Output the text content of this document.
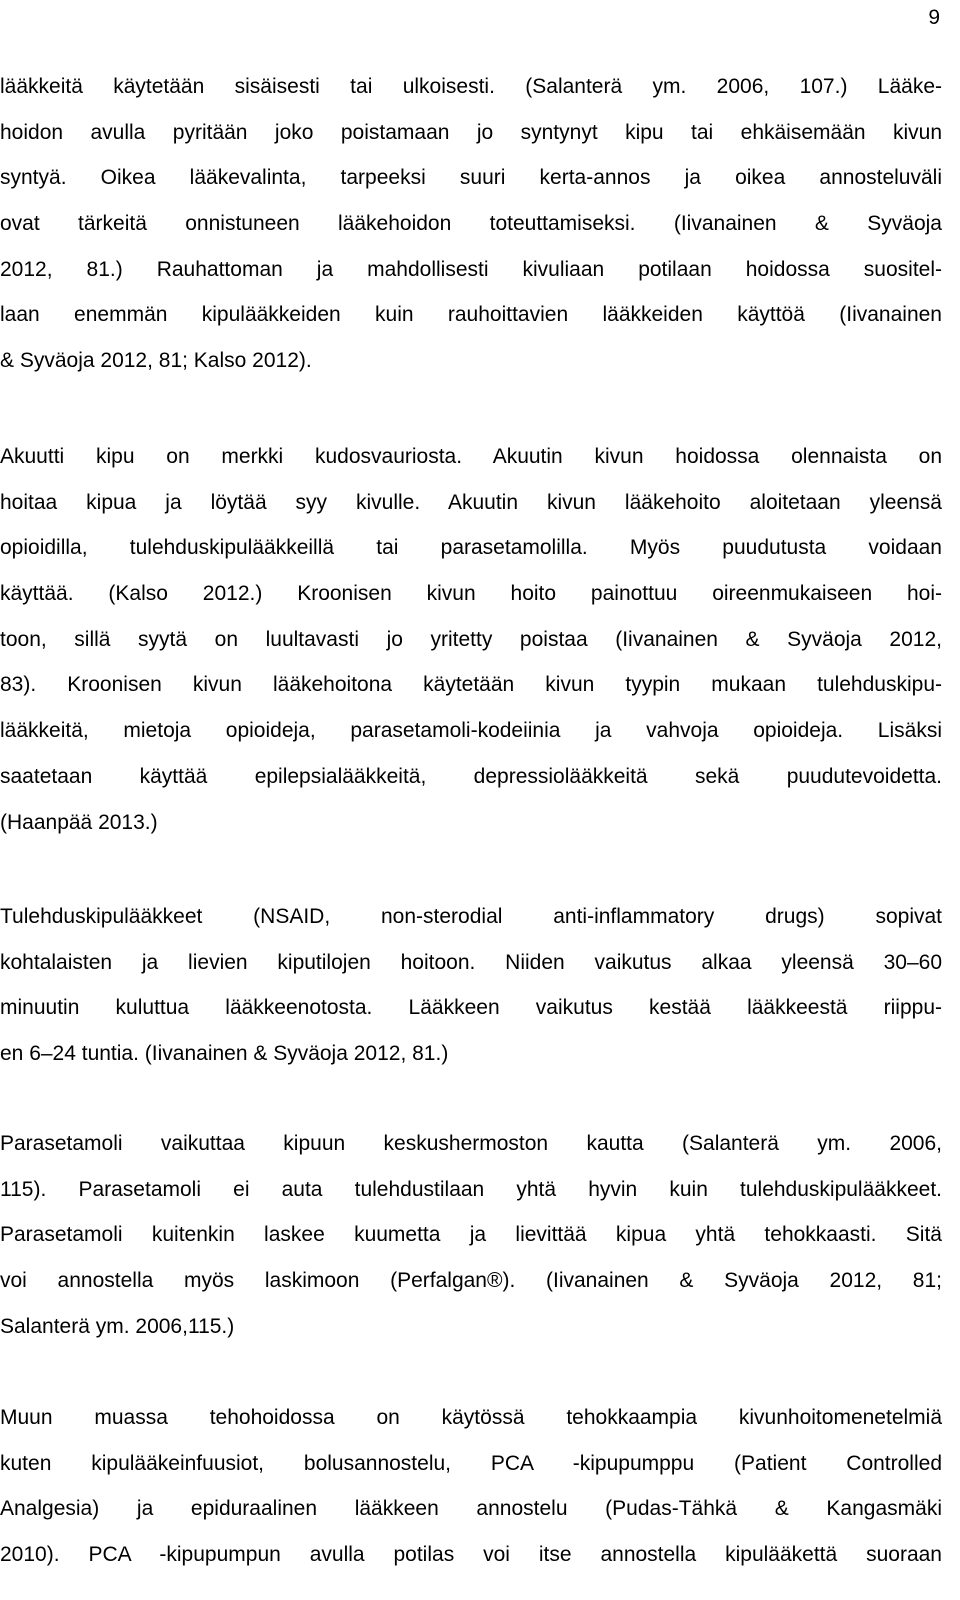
9
lääkkeitä käytetään sisäisesti tai ulkoisesti. (Salanterä ym. 2006, 107.) Lääke-
hoidon avulla pyritään joko poistamaan jo syntynyt kipu tai ehkäisemään kivun
syntyä. Oikea lääkevalinta, tarpeeksi suuri kerta-annos ja oikea annosteluväli
ovat tärkeitä onnistuneen lääkehoidon toteuttamiseksi. (Iivanainen & Syväoja
2012, 81.) Rauhattoman ja mahdollisesti kivuliaan potilaan hoidossa suositel-
laan enemmän kipulääkkeiden kuin rauhoittavien lääkkeiden käyttöä (Iivanainen
& Syväoja 2012, 81; Kalso 2012).
Akuutti kipu on merkki kudosvauriosta. Akuutin kivun hoidossa olennaista on
hoitaa kipua ja löytää syy kivulle. Akuutin kivun lääkehoito aloitetaan yleensä
opioidilla, tulehduskipulääkkeillä tai parasetamolilla. Myös puudutusta voidaan
käyttää. (Kalso 2012.) Kroonisen kivun hoito painottuu oireenmukaiseen hoi-
toon, sillä syytä on luultavasti jo yritetty poistaa (Iivanainen & Syväoja 2012,
83). Kroonisen kivun lääkehoitona käytetään kivun tyypin mukaan tulehduskipu-
lääkkeitä, mietoja opioideja, parasetamoli-kodeiinia ja vahvoja opioideja. Lisäksi
saatetaan käyttää epilepsialääkkeitä, depressiolääkkeitä sekä puudutevoidetta.
(Haanpää 2013.)
Tulehduskipulääkkeet (NSAID, non-sterodial anti-inflammatory drugs) sopivat
kohtalaisten ja lievien kiputilojen hoitoon. Niiden vaikutus alkaa yleensä 30–60
minuutin kuluttua lääkkeenotosta. Lääkkeen vaikutus kestää lääkkeestä riippu-
en 6–24 tuntia. (Iivanainen & Syväoja 2012, 81.)
Parasetamoli vaikuttaa kipuun keskushermoston kautta (Salanterä ym. 2006,
115). Parasetamoli ei auta tulehdustilaan yhtä hyvin kuin tulehduskipulääkkeet.
Parasetamoli kuitenkin laskee kuumetta ja lievittää kipua yhtä tehokkaasti. Sitä
voi annostella myös laskimoon (Perfalgan®). (Iivanainen & Syväoja 2012, 81;
Salanterä ym. 2006,115.)
Muun muassa tehohoidossa on käytössä tehokkaampia kivunhoitomenetelmiä
kuten kipulääkeinfuusiot, bolusannostelu, PCA -kipupumppu (Patient Controlled
Analgesia) ja epiduraalinen lääkkeen annostelu (Pudas-Tähkä & Kangasmäki
2010). PCA -kipupumpun avulla potilas voi itse annostella kipulääkettä suoraan
